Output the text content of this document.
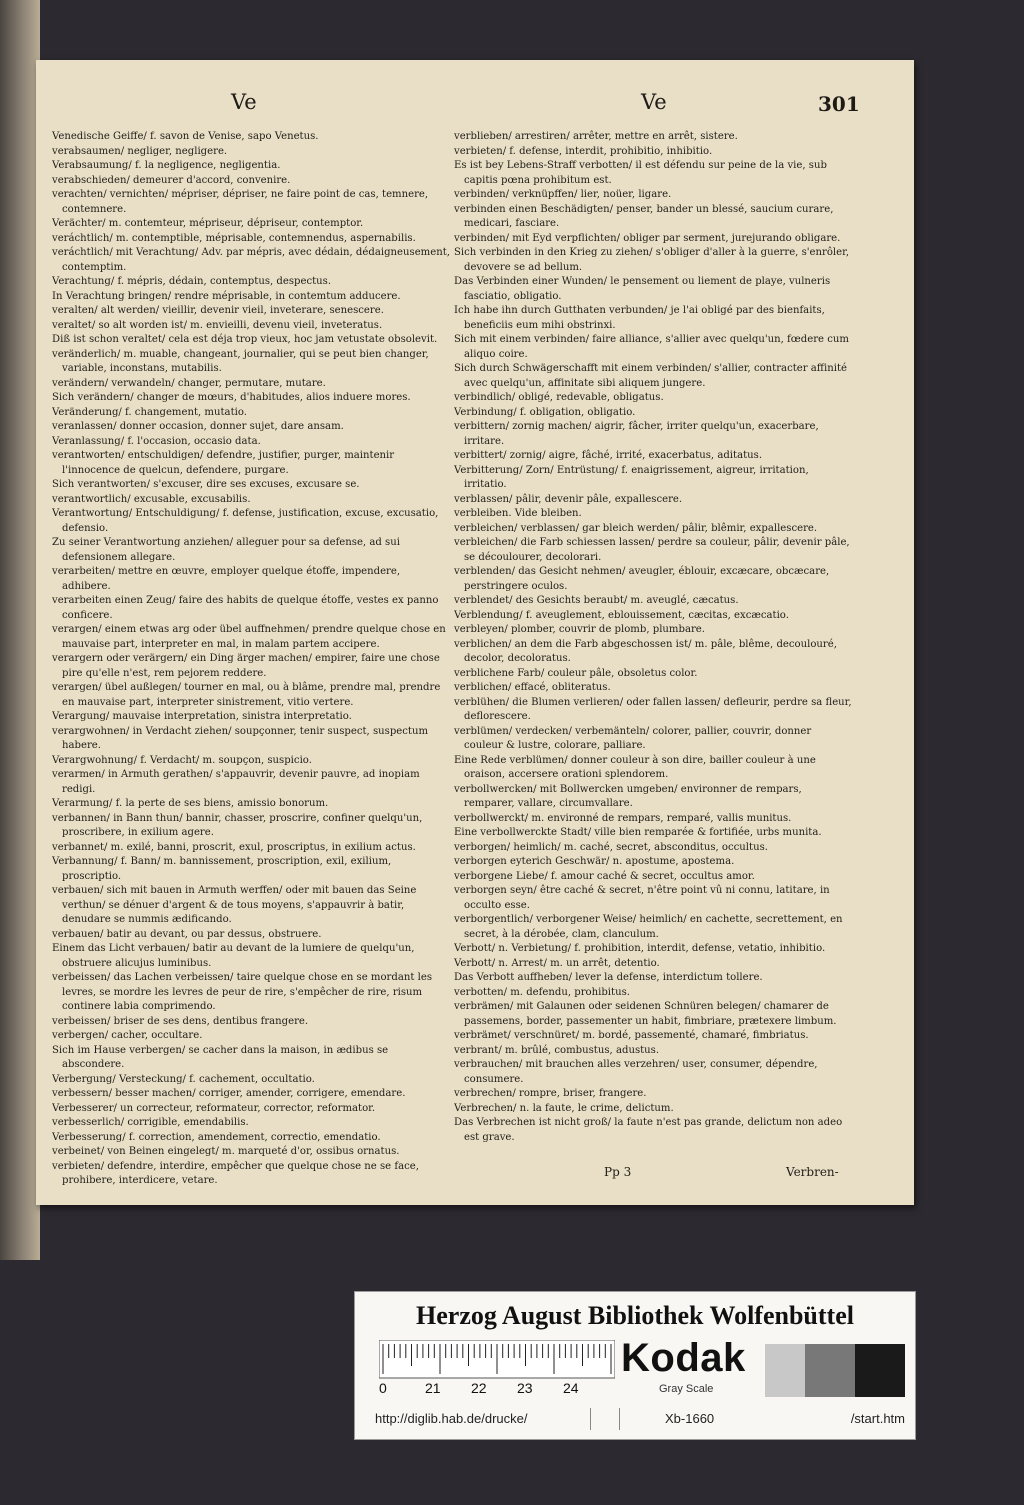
Ve	Ve	301

Venedische Geiffe/ f. savon de Venise, sapo Venetus.

verabsaumen/ negliger, negligere.

Verabsaumung/ f. la negligence, negligentia.

verabschieden/ demeurer d'accord, convenire.

verachten/ vernichten/ mépriser, dépriser, ne faire point de cas, temnere, contemnere.

Verächter/ m. contemteur, mépriseur, dépriseur, contemptor.

veráchtlich/ m. contemptible, méprisable, contemnendus, aspernabilis.

veráchtlich/ mit Verachtung/ Adv. par mépris, avec dédain, dédaigneusement, contemptim.

Verachtung/ f. mépris, dédain, contemptus, despectus.

In Verachtung bringen/ rendre méprisable, in contemtum adducere.

veralten/ alt werden/ vieillir, devenir vieil, inveterare, senescere.

veraltet/ so alt worden ist/ m. envieilli, devenu vieil, inveteratus.

Diß ist schon veraltet/ cela est déja trop vieux, hoc jam vetustate obsolevit.

veränderlich/ m. muable, changeant, journalier, qui se peut bien changer, variable, inconstans, mutabilis.

verändern/ verwandeln/ changer, permutare, mutare.

Sich verändern/ changer de mœurs, d'habitudes, alios induere mores.

Veränderung/ f. changement, mutatio.

veranlassen/ donner occasion, donner sujet, dare ansam.

Veranlassung/ f. l'occasion, occasio data.

verantworten/ entschuldigen/ defendre, justifier, purger, maintenir l'innocence de quelcun, defendere, purgare.

Sich verantworten/ s'excuser, dire ses excuses, excusare se.

verantwortlich/ excusable, excusabilis.

Verantwortung/ Entschuldigung/ f. defense, justification, excuse, excusatio, defensio.

Zu seiner Verantwortung anziehen/ alleguer pour sa defense, ad sui defensionem allegare.

verarbeiten/ mettre en œuvre, employer quelque étoffe, impendere, adhibere.

verarbeiten einen Zeug/ faire des habits de quelque étoffe, vestes ex panno conficere.

verargen/ einem etwas arg oder übel auffnehmen/ prendre quelque chose en mauvaise part, interpreter en mal, in malam partem accipere.

verargern oder verärgern/ ein Ding ärger machen/ empirer, faire une chose pire qu'elle n'est, rem pejorem reddere.

verargen/ übel außlegen/ tourner en mal, ou à blâme, prendre mal, prendre en mauvaise part, interpreter sinistrement, vitio vertere.

Verargung/ mauvaise interpretation, sinistra interpretatio.

verargwohnen/ in Verdacht ziehen/ soupçonner, tenir suspect, suspectum habere.

Verargwohnung/ f. Verdacht/ m. soupçon, suspicio.

verarmen/ in Armuth gerathen/ s'appauvrir, devenir pauvre, ad inopiam redigi.

Verarmung/ f. la perte de ses biens, amissio bonorum.

verbannen/ in Bann thun/ bannir, chasser, proscrire, confiner quelqu'un, proscribere, in exilium agere.

verbannet/ m. exilé, banni, proscrit, exul, proscriptus, in exilium actus.

Verbannung/ f. Bann/ m. bannissement, proscription, exil, exilium, proscriptio.

verbauen/ sich mit bauen in Armuth werffen/ oder mit bauen das Seine verthun/ se dénuer d'argent & de tous moyens, s'appauvrir à batir, denudare se nummis ædificando.

verbauen/ batir au devant, ou par dessus, obstruere.

Einem das Licht verbauen/ batir au devant de la lumiere de quelqu'un, obstruere alicujus luminibus.

verbeissen/ das Lachen verbeissen/ taire quelque chose en se mordant les levres, se mordre les levres de peur de rire, s'empêcher de rire, risum continere labia comprimendo.

verbeissen/ briser de ses dens, dentibus frangere.

verbergen/ cacher, occultare.

Sich im Hause verbergen/ se cacher dans la maison, in ædibus se abscondere.

Verbergung/ Versteckung/ f. cachement, occultatio.

verbessern/ besser machen/ corriger, amender, corrigere, emendare.

Verbesserer/ un correcteur, reformateur, corrector, reformator.

verbesserlich/ corrigible, emendabilis.

Verbesserung/ f. correction, amendement, correctio, emendatio.

verbeinet/ von Beinen eingelegt/ m. marqueté d'or, ossibus ornatus.

verbieten/ defendre, interdire, empêcher que quelque chose ne se face, prohibere, interdicere, vetare.

verblieben/ arrestiren/ arrêter, mettre en arrêt, sistere.

verbieten/ f. defense, interdit, prohibitio, inhibitio.

Es ist bey Lebens-Straff verbotten/ il est défendu sur peine de la vie, sub capitis pœna prohibitum est.

verbinden/ verknüpffen/ lier, noüer, ligare.

verbinden einen Beschädigten/ penser, bander un blessé, saucium curare, medicari, fasciare.

verbinden/ mit Eyd verpflichten/ obliger par serment, jurejurando obligare.

Sich verbinden in den Krieg zu ziehen/ s'obliger d'aller à la guerre, s'enrôler, devovere se ad bellum.

Das Verbinden einer Wunden/ le pensement ou liement de playe, vulneris fasciatio, obligatio.

Ich habe ihn durch Gutthaten verbunden/ je l'ai obligé par des bienfaits, beneficiis eum mihi obstrinxi.

Sich mit einem verbinden/ faire alliance, s'allier avec quelqu'un, fœdere cum aliquo coire.

Sich durch Schwägerschafft mit einem verbinden/ s'allier, contracter affinité avec quelqu'un, affinitate sibi aliquem jungere.

verbindlich/ obligé, redevable, obligatus.

Verbindung/ f. obligation, obligatio.

verbittern/ zornig machen/ aigrir, fâcher, irriter quelqu'un, exacerbare, irritare.

verbittert/ zornig/ aigre, fâché, irrité, exacerbatus, aditatus.

Verbitterung/ Zorn/ Entrüstung/ f. enaigrissement, aigreur, irritation, irritatio.

verblassen/ pâlir, devenir pâle, expallescere.

verbleiben. Vide bleiben.

verbleichen/ verblassen/ gar bleich werden/ pâlir, blêmir, expallescere.

verbleichen/ die Farb schiessen lassen/ perdre sa couleur, pâlir, devenir pâle, se découlourer, decolorari.

verblenden/ das Gesicht nehmen/ aveugler, éblouir, excæcare, obcæcare, perstringere oculos.

verblendet/ des Gesichts beraubt/ m. aveuglé, cæcatus.

Verblendung/ f. aveuglement, eblouissement, cæcitas, excæcatio.

verbleyen/ plomber, couvrir de plomb, plumbare.

verblichen/ an dem die Farb abgeschossen ist/ m. pâle, blême, decoulouré, decolor, decoloratus.

verblichene Farb/ couleur pâle, obsoletus color.

verblichen/ effacé, obliteratus.

verblühen/ die Blumen verlieren/ oder fallen lassen/ defleurir, perdre sa fleur, deflorescere.

verblümen/ verdecken/ verbemänteln/ colorer, pallier, couvrir, donner couleur & lustre, colorare, palliare.

Eine Rede verblümen/ donner couleur à son dire, bailler couleur à une oraison, accersere orationi splendorem.

verbollwercken/ mit Bollwercken umgeben/ environner de rempars, remparer, vallare, circumvallare.

verbollwerckt/ m. environné de rempars, remparé, vallis munitus.

Eine verbollwerckte Stadt/ ville bien remparée & fortifiée, urbs munita.

verborgen/ heimlich/ m. caché, secret, absconditus, occultus.

verborgen eyterich Geschwär/ n. apostume, apostema.

verborgene Liebe/ f. amour caché & secret, occultus amor.

verborgen seyn/ être caché & secret, n'être point vû ni connu, latitare, in occulto esse.

verborgentlich/ verborgener Weise/ heimlich/ en cachette, secrettement, en secret, à la dérobée, clam, clanculum.

Verbott/ n. Verbietung/ f. prohibition, interdit, defense, vetatio, inhibitio.

Verbott/ n. Arrest/ m. un arrêt, detentio.

Das Verbott auffheben/ lever la defense, interdictum tollere.

verbotten/ m. defendu, prohibitus.

verbrämen/ mit Galaunen oder seidenen Schnüren belegen/ chamarer de passemens, border, passementer un habit, fimbriare, prætexere limbum.

verbrämet/ verschnüret/ m. bordé, passementé, chamaré, fimbriatus.

verbrant/ m. brûlé, combustus, adustus.

verbrauchen/ mit brauchen alles verzehren/ user, consumer, dépendre, consumere.

verbrechen/ rompre, briser, frangere.

Verbrechen/ n. la faute, le crime, delictum.

Das Verbrechen ist nicht groß/ la faute n'est pas grande, delictum non adeo est grave.

Pp 3	Verbren-
Herzog August Bibliothek Wolfenbüttel
0	21 22 23 24
Kodak
Gray Scale
http://diglib.hab.de/drucke/	Xb-1660	/start.htm
